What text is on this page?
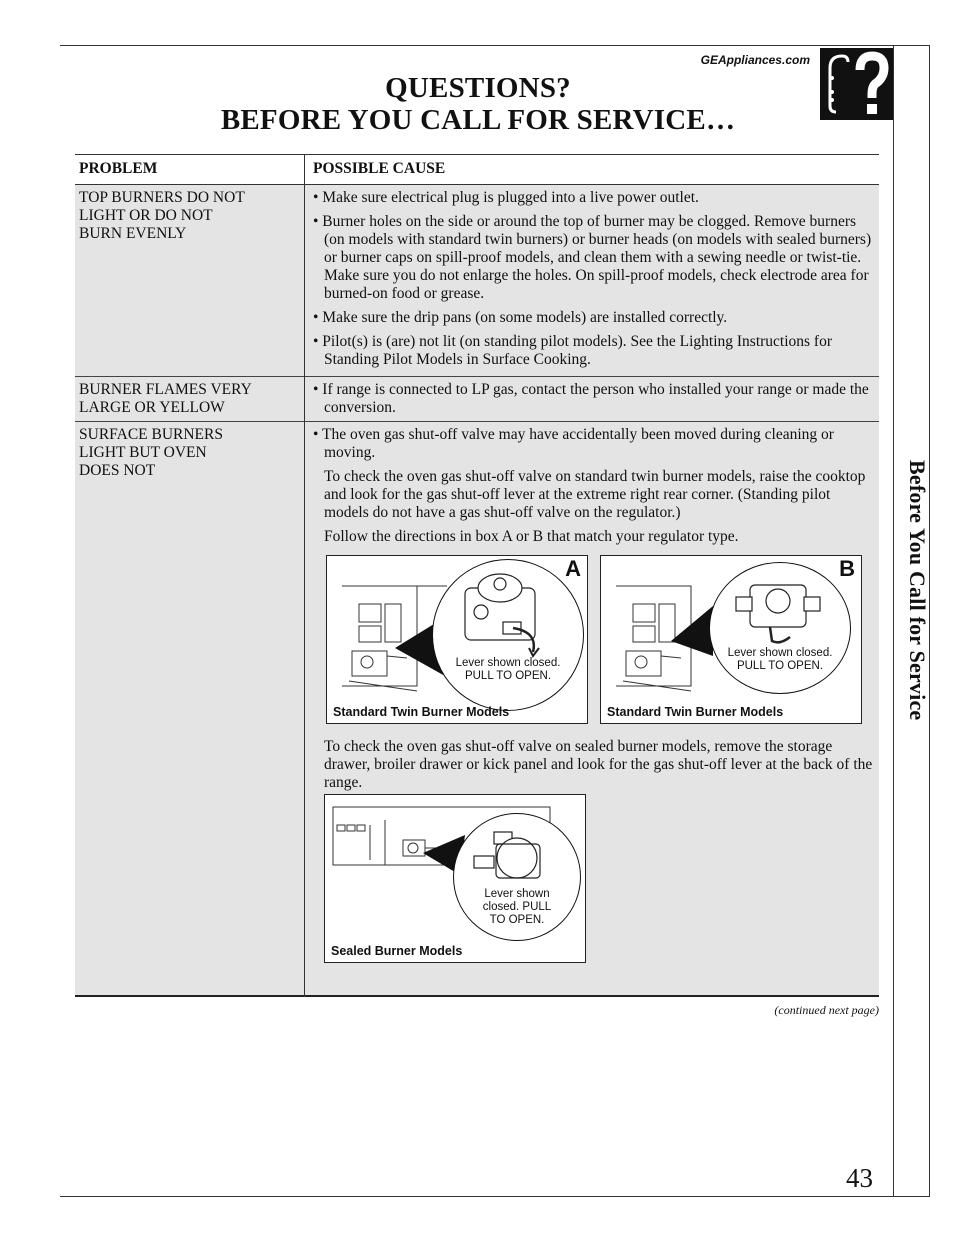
GEAppliances.com
QUESTIONS?
BEFORE YOU CALL FOR SERVICE…
Before You Call for Service
PROBLEM	POSSIBLE CAUSE
TOP BURNERS DO NOT
LIGHT OR DO NOT
BURN EVENLY

• Make sure electrical plug is plugged into a live power outlet.

• Burner holes on the side or around the top of burner may be clogged. Remove burners (on models with standard twin burners) or burner heads (on models with sealed burners) or burner caps on spill-proof models, and clean them with a sewing needle or twist-tie. Make sure you do not enlarge the holes. On spill-proof models, check electrode area for burned-on food or grease.

• Make sure the drip pans (on some models) are installed correctly.

• Pilot(s) is (are) not lit (on standing pilot models). See the Lighting Instructions for Standing Pilot Models in Surface Cooking.

BURNER FLAMES VERY
LARGE OR YELLOW

• If range is connected to LP gas, contact the person who installed your range or made the conversion.

SURFACE BURNERS
LIGHT BUT OVEN
DOES NOT

• The oven gas shut-off valve may have accidentally been moved during cleaning or moving.

To check the oven gas shut-off valve on standard twin burner models, raise the cooktop and look for the gas shut-off lever at the extreme right rear corner. (Standing pilot models do not have a gas shut-off valve on the regulator.)

Follow the directions in box A or B that match your regulator type.

Lever shown closed.
PULL TO OPEN.
A
Standard Twin Burner Models
Lever shown closed.
PULL TO OPEN.
B
Standard Twin Burner Models

To check the oven gas shut-off valve on sealed burner models, remove the storage drawer, broiler drawer or kick panel and look for the gas shut-off lever at the back of the range.

Lever shown
closed. PULL
TO OPEN.
Sealed Burner Models
(continued next page)
43
